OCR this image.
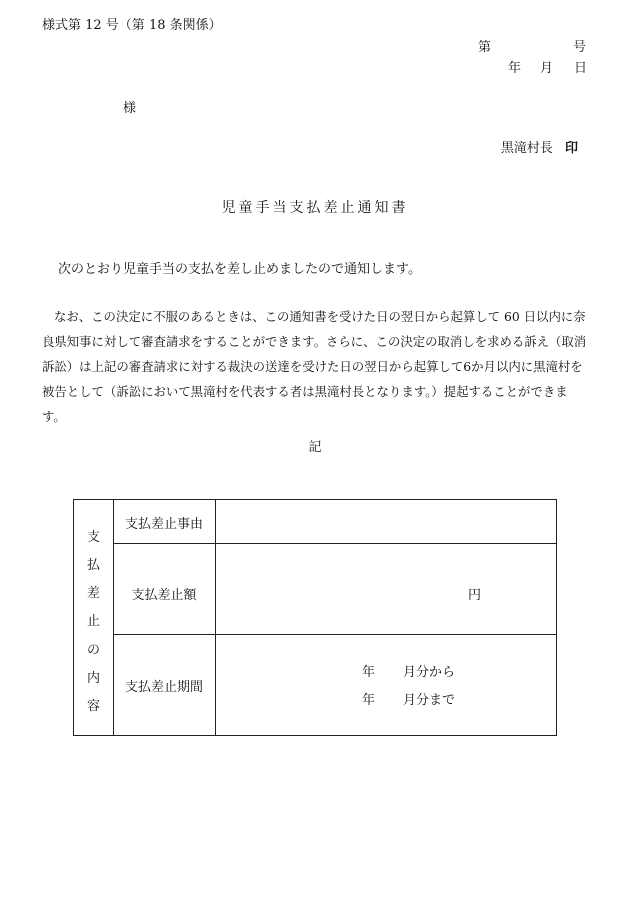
様式第 12 号（第 18 条関係）
第	号
年 月 日
様
黒滝村長 印
児童手当支払差止通知書
次のとおり児童手当の支払を差し止めましたので通知します。
なお、この決定に不服のあるときは、この通知書を受けた日の翌日から起算して 60 日以内に奈良県知事に対して審査請求をすることができます。さらに、この決定の取消しを求める訴え（取消訴訟）は上記の審査請求に対する裁決の送達を受けた日の翌日から起算して6か月以内に黒滝村を被告として（訴訟において黒滝村を代表する者は黒滝村長となります。）提起することができます。
記
支
払
差
止
の
内
容
支払差止事由
支払差止額
支払差止期間
円
年 月分から
年 月分まで
